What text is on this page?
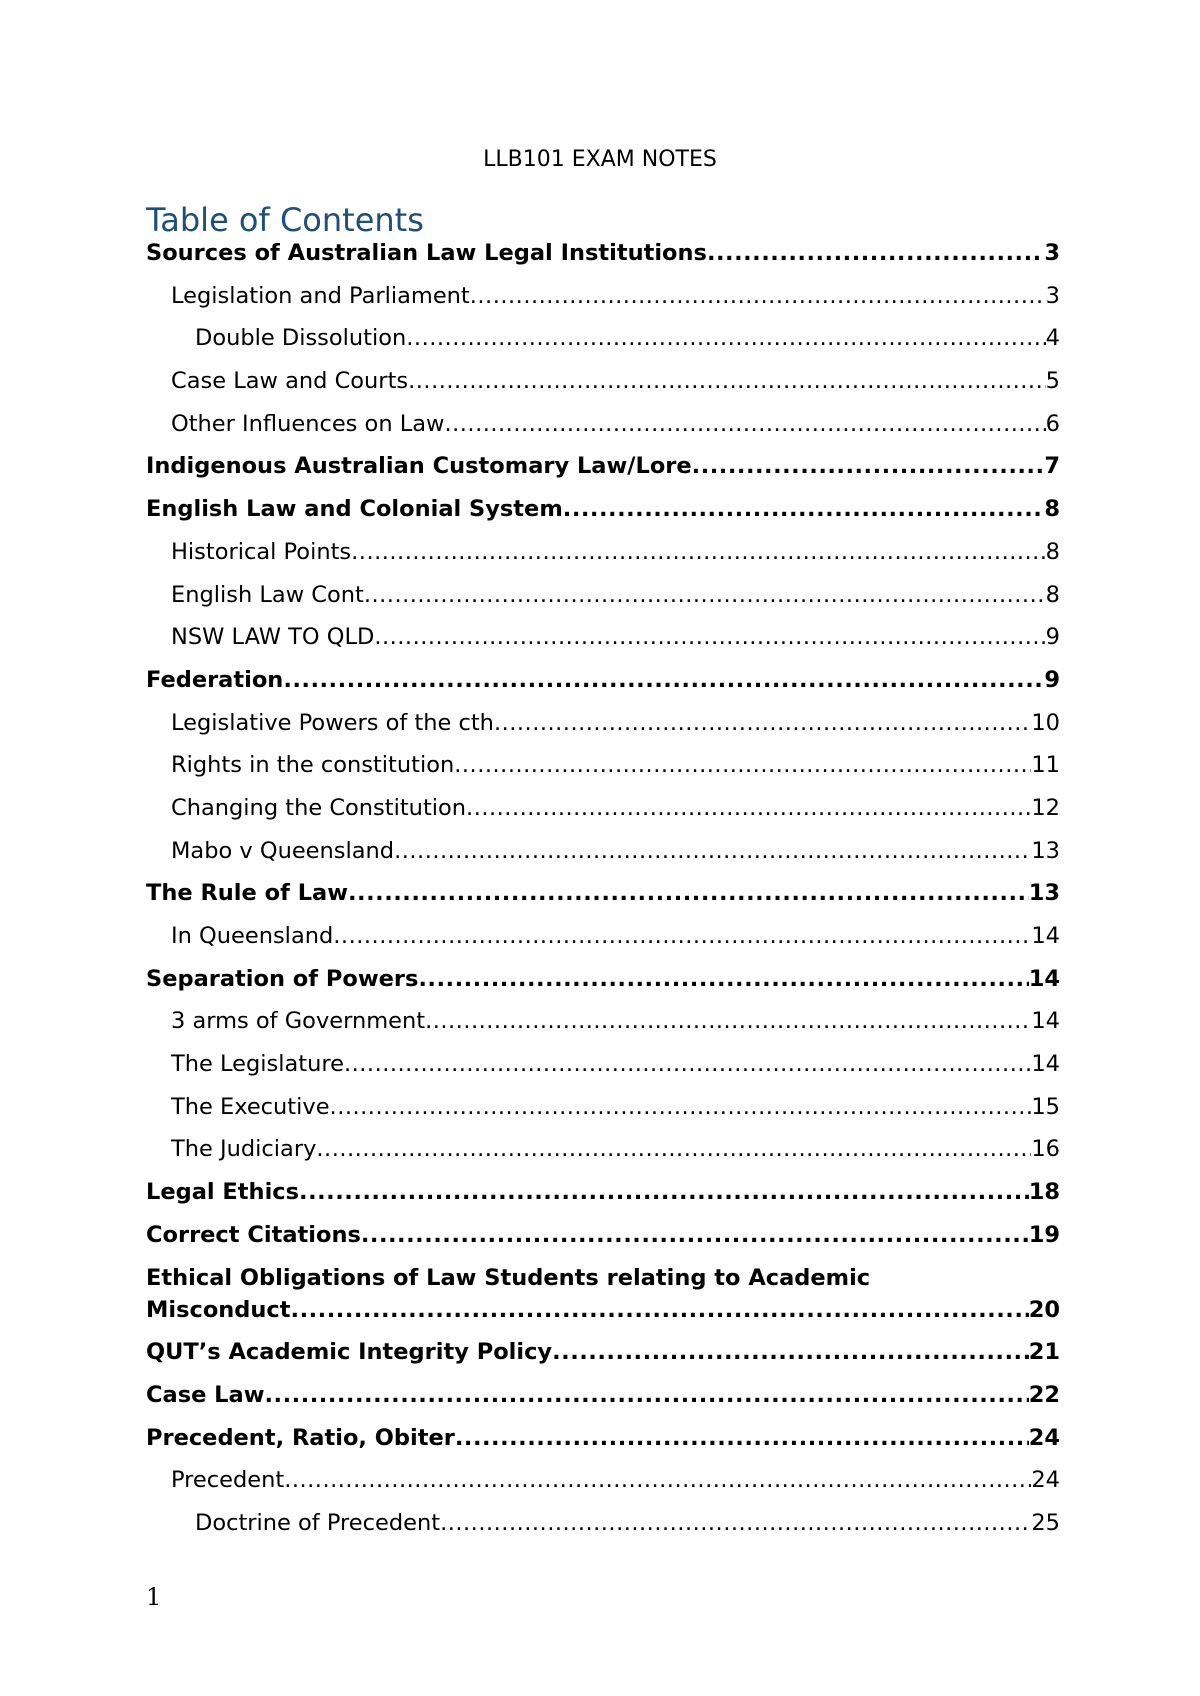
LLB101 EXAM NOTES
Table of Contents
Sources of Australian Law Legal Institutions .....	3
Legislation and Parliament .....	3
Double Dissolution .....	4
Case Law and Courts .....	5
Other Influences on Law .....	6
Indigenous Australian Customary Law/Lore .....	7
English Law and Colonial System .....	8
Historical Points .....	8
English Law Cont .....	8
NSW LAW TO QLD .....	9
Federation .....	9
Legislative Powers of the cth .....	10
Rights in the constitution .....	11
Changing the Constitution .....	12
Mabo v Queensland .....	13
The Rule of Law .....	13
In Queensland .....	14
Separation of Powers .....	14
3 arms of Government .....	14
The Legislature .....	14
The Executive .....	15
The Judiciary .....	16
Legal Ethics .....	18
Correct Citations .....	19
Ethical Obligations of Law Students relating to Academic
Misconduct .....	20
QUT’s Academic Integrity Policy .....	21
Case Law .....	22
Precedent, Ratio, Obiter .....	24
Precedent .....	24
Doctrine of Precedent .....	25
1
